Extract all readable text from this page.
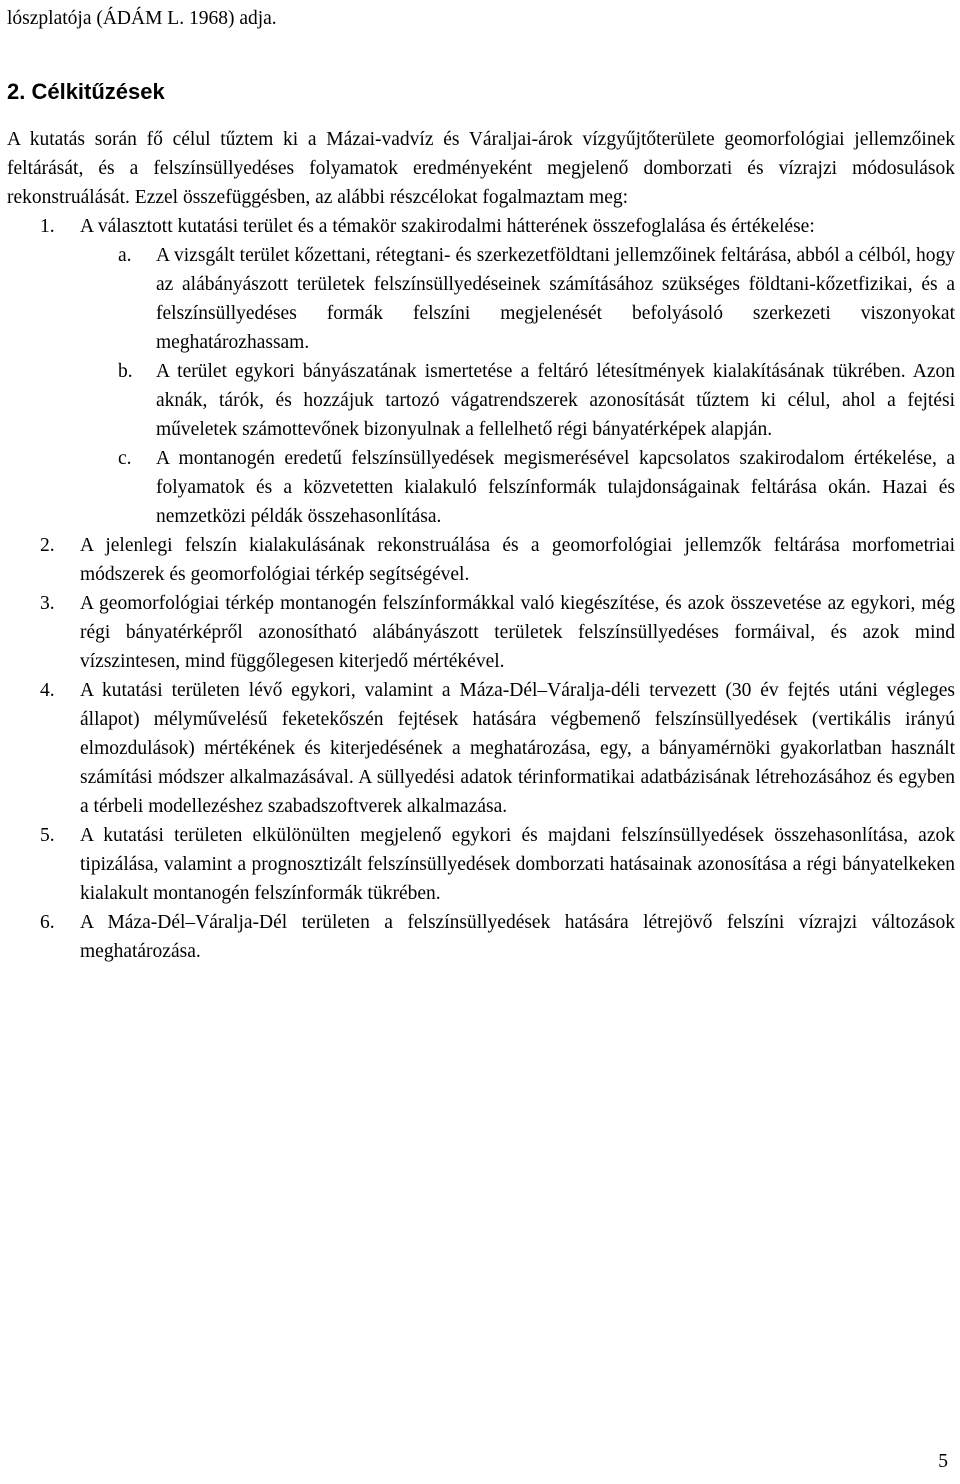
lószplatója (ÁDÁM L. 1968) adja.

2. Célkitűzések

A kutatás során fő célul tűztem ki a Mázai-vadvíz és Váraljai-árok vízgyűjtőterülete geomorfológiai jellemzőinek feltárását, és a felszínsüllyedéses folyamatok eredményeként megjelenő domborzati és vízrajzi módosulások rekonstruálását. Ezzel összefüggésben, az alábbi részcélokat fogalmaztam meg:

1. A választott kutatási terület és a témakör szakirodalmi hátterének összefoglalása és értékelése:
a. A vizsgált terület kőzettani, rétegtani- és szerkezetföldtani jellemzőinek feltárása, abból a célból, hogy az alábányászott területek felszínsüllyedéseinek számításához szükséges földtani-kőzetfizikai, és a felszínsüllyedéses formák felszíni megjelenését befolyásoló szerkezeti viszonyokat meghatározhassam.
b. A terület egykori bányászatának ismertetése a feltáró létesítmények kialakításának tükrében. Azon aknák, tárók, és hozzájuk tartozó vágatrendszerek azonosítását tűztem ki célul, ahol a fejtési műveletek számottevőnek bizonyulnak a fellelhető régi bányatérképek alapján.
c. A montanogén eredetű felszínsüllyedések megismerésével kapcsolatos szakirodalom értékelése, a folyamatok és a közvetetten kialakuló felszínformák tulajdonságainak feltárása okán. Hazai és nemzetközi példák összehasonlítása.
2. A jelenlegi felszín kialakulásának rekonstruálása és a geomorfológiai jellemzők feltárása morfometriai módszerek és geomorfológiai térkép segítségével.
3. A geomorfológiai térkép montanogén felszínformákkal való kiegészítése, és azok összevetése az egykori, még régi bányatérképről azonosítható alábányászott területek felszínsüllyedéses formáival, és azok mind vízszintesen, mind függőlegesen kiterjedő mértékével.
4. A kutatási területen lévő egykori, valamint a Máza-Dél–Váralja-déli tervezett (30 év fejtés utáni végleges állapot) mélyművelésű feketekőszén fejtések hatására végbemenő felszínsüllyedések (vertikális irányú elmozdulások) mértékének és kiterjedésének a meghatározása, egy, a bányamérnöki gyakorlatban használt számítási módszer alkalmazásával. A süllyedési adatok térinformatikai adatbázisának létrehozásához és egyben a térbeli modellezéshez szabadszoftverek alkalmazása.
5. A kutatási területen elkülönülten megjelenő egykori és majdani felszínsüllyedések összehasonlítása, azok tipizálása, valamint a prognosztizált felszínsüllyedések domborzati hatásainak azonosítása a régi bányatelkeken kialakult montanogén felszínformák tükrében.
6. A Máza-Dél–Váralja-Dél területen a felszínsüllyedések hatására létrejövő felszíni vízrajzi változások meghatározása.
5
